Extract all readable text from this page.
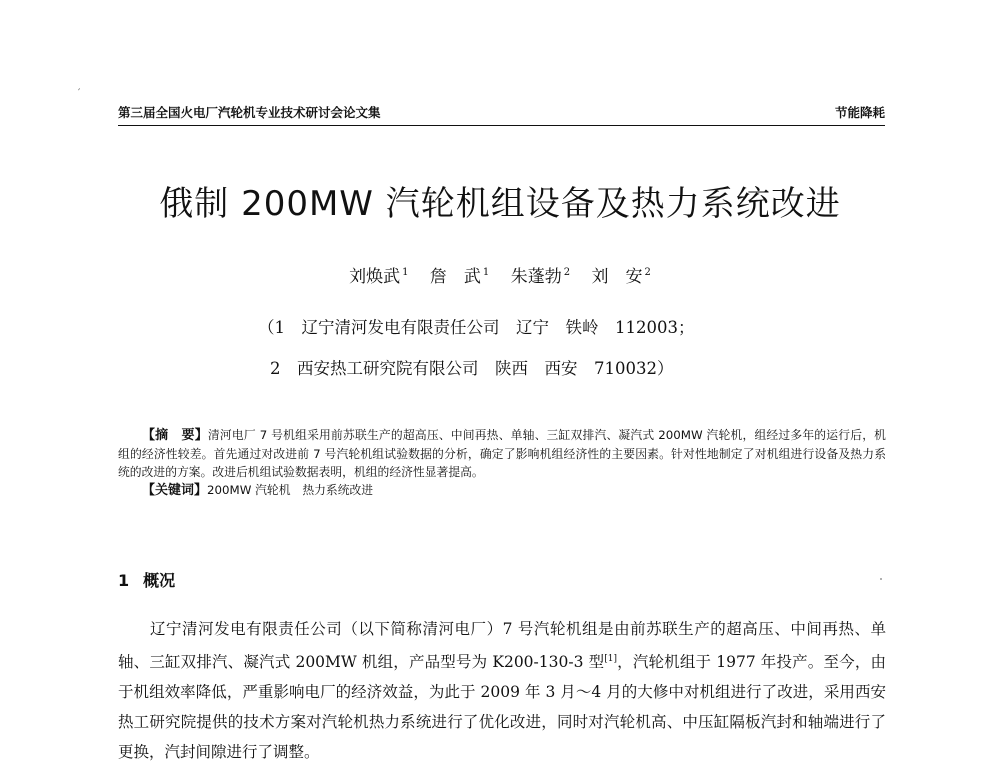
′
第三届全国火电厂汽轮机专业技术研讨会论文集	节能降耗
俄制 200MW 汽轮机组设备及热力系统改进
刘焕武 $^1$ 詹　武 $^1$ 朱蓬勃 $^2$ 刘　安 $^2$
（1　辽宁清河发电有限责任公司　辽宁　铁岭　112003；
2　西安热工研究院有限公司　陕西　西安　710032）

【摘　要】清河电厂 7 号机组采用前苏联生产的超高压、中间再热、单轴、三缸双排汽、凝汽式 200MW 汽轮机，组经过多年的运行后，机组的经济性较差。首先通过对改进前 7 号汽轮机组试验数据的分析，确定了影响机组经济性的主要因素。针对性地制定了对机组进行设备及热力系统的改进的方案。改进后机组试验数据表明，机组的经济性显著提高。

【关键词】200MW 汽轮机　热力系统改进

1 概况

辽宁清河发电有限责任公司（以下简称清河电厂）7 号汽轮机组是由前苏联生产的超高压、中间再热、单轴、三缸双排汽、凝汽式 200MW 机组，产品型号为 K200-130-3 型[1]，汽轮机组于 1977 年投产。至今，由于机组效率降低，严重影响电厂的经济效益，为此于 2009 年 3 月～4 月的大修中对机组进行了改进，采用西安热工研究院提供的技术方案对汽轮机热力系统进行了优化改进，同时对汽轮机高、中压缸隔板汽封和轴端进行了更换，汽封间隙进行了调整。
